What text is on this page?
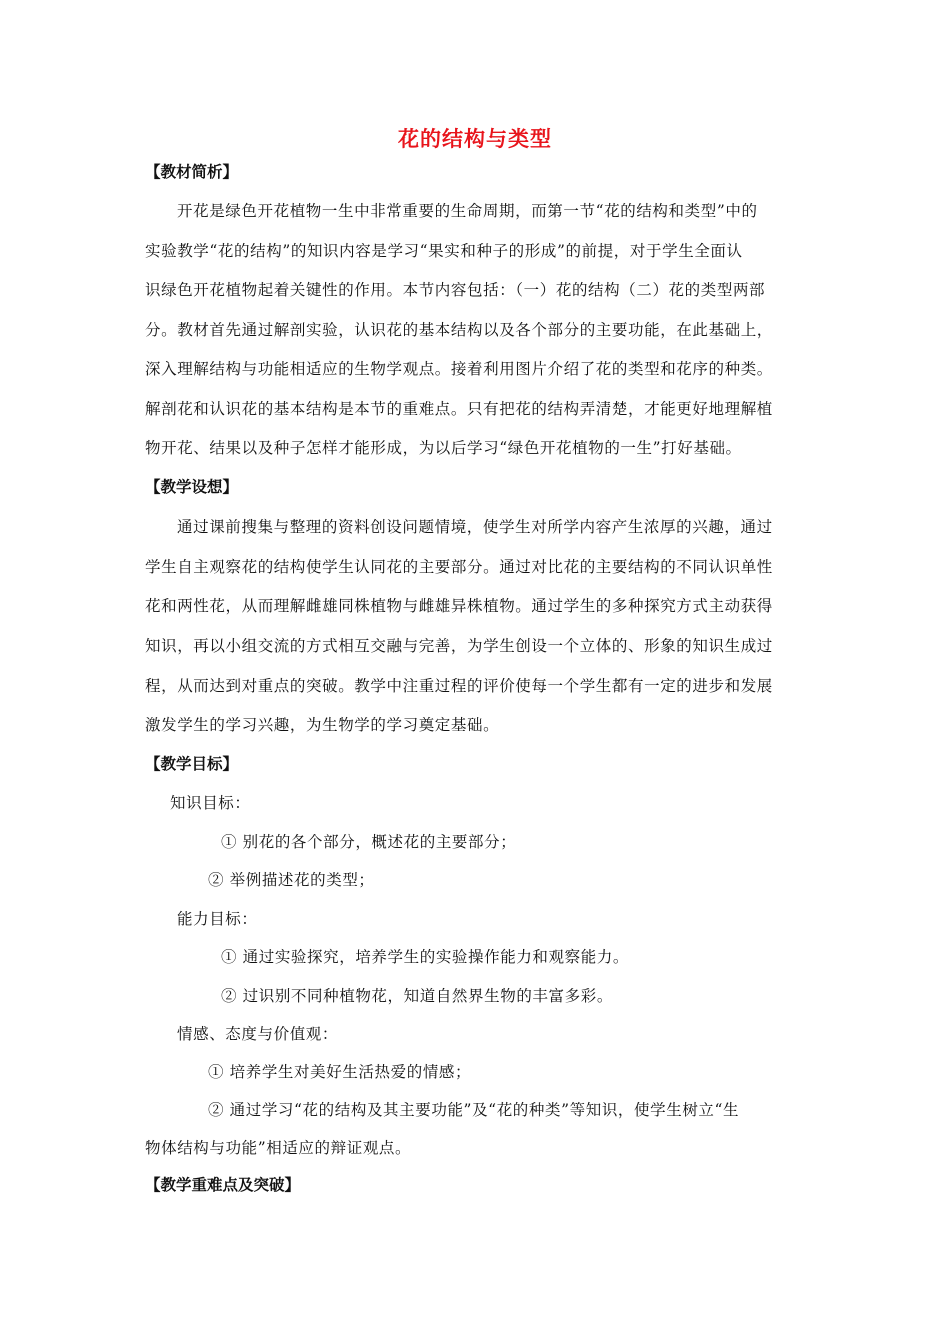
花的结构与类型
【教材简析】
开花是绿色开花植物一生中非常重要的生命周期，而第一节“花的结构和类型”中的
实验教学“花的结构”的知识内容是学习“果实和种子的形成”的前提，对于学生全面认
识绿色开花植物起着关键性的作用。本节内容包括：（一）花的结构（二）花的类型两部
分。教材首先通过解剖实验，认识花的基本结构以及各个部分的主要功能，在此基础上，
深入理解结构与功能相适应的生物学观点。接着利用图片介绍了花的类型和花序的种类。
解剖花和认识花的基本结构是本节的重难点。只有把花的结构弄清楚，才能更好地理解植
物开花、结果以及种子怎样才能形成，为以后学习“绿色开花植物的一生”打好基础。
【教学设想】
通过课前搜集与整理的资料创设问题情境，使学生对所学内容产生浓厚的兴趣，通过
学生自主观察花的结构使学生认同花的主要部分。通过对比花的主要结构的不同认识单性
花和两性花，从而理解雌雄同株植物与雌雄异株植物。通过学生的多种探究方式主动获得
知识，再以小组交流的方式相互交融与完善，为学生创设一个立体的、形象的知识生成过
程，从而达到对重点的突破。教学中注重过程的评价使每一个学生都有一定的进步和发展
激发学生的学习兴趣，为生物学的学习奠定基础。
【教学目标】
知识目标：
① 别花的各个部分，概述花的主要部分；
② 举例描述花的类型；
能力目标：
① 通过实验探究，培养学生的实验操作能力和观察能力。
② 过识别不同种植物花，知道自然界生物的丰富多彩。
情感、态度与价值观：
① 培养学生对美好生活热爱的情感；
② 通过学习“花的结构及其主要功能”及“花的种类”等知识，使学生树立“生
物体结构与功能”相适应的辩证观点。
【教学重难点及突破】
